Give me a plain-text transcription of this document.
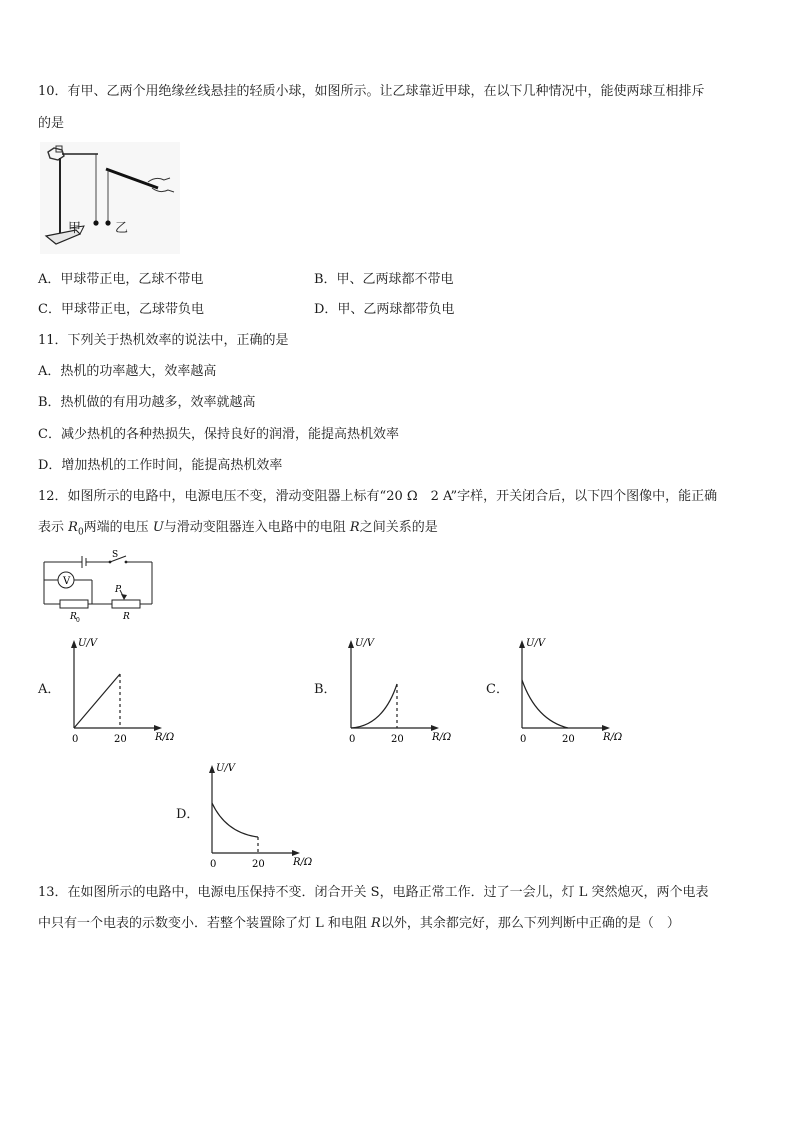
10．有甲、乙两个用绝缘丝线悬挂的轻质小球，如图所示。让乙球靠近甲球，在以下几种情况中，能使两球互相排斥
的是
甲	乙
A．甲球带正电，乙球不带电	B．甲、乙两球都不带电
C．甲球带正电，乙球带负电	D．甲、乙两球都带负电
11．下列关于热机效率的说法中，正确的是
A．热机的功率越大，效率越高
B．热机做的有用功越多，效率就越高
C．减少热机的各种热损失，保持良好的润滑，能提高热机效率
D．增加热机的工作时间，能提高热机效率
12．如图所示的电路中，电源电压不变，滑动变阻器上标有“20 Ω　2 A”字样，开关闭合后，以下四个图像中，能正确
表示 $R_0$两端的电压 U与滑动变阻器连入电路中的电阻 R之间关系的是
V
S
P
R 0	R
A．	B．	C．
D．
U/V
R/Ω
0	20
U/V
R/Ω
0	20
U/V
R/Ω
0	20
U/V
R/Ω
0	20
13．在如图所示的电路中，电源电压保持不变．闭合开关 S，电路正常工作．过了一会儿，灯 L 突然熄灭，两个电表
中只有一个电表的示数变小．若整个装置除了灯 L 和电阻 R以外，其余都完好，那么下列判断中正确的是（　）
